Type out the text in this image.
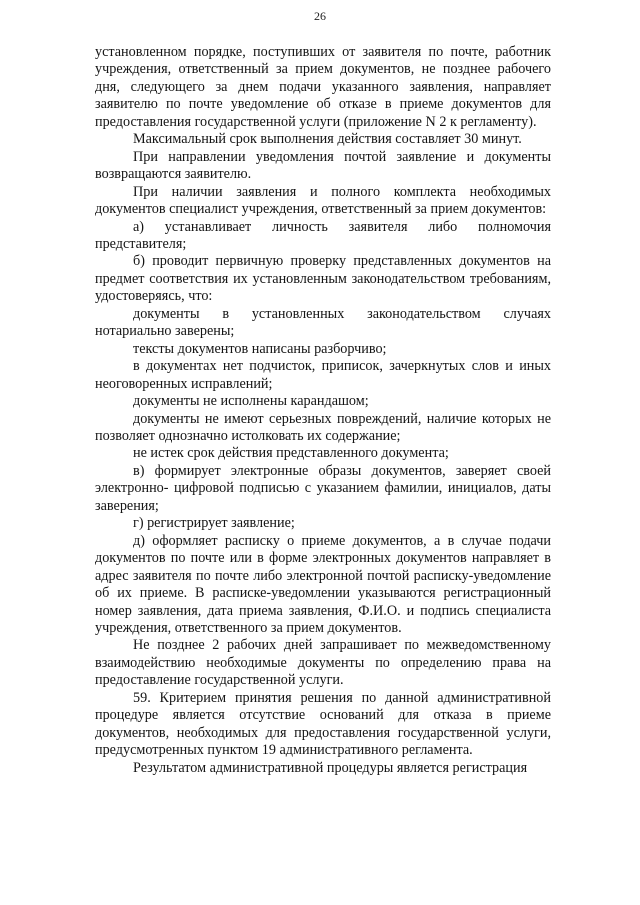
26

установленном порядке, поступивших от заявителя по почте, работник учреждения, ответственный за прием документов, не позднее рабочего дня, следующего за днем подачи указанного заявления, направляет заявителю по почте уведомление об отказе в приеме документов для предоставления государственной услуги (приложение N 2 к регламенту).

Максимальный срок выполнения действия составляет 30 минут.

При направлении уведомления почтой заявление и документы возвращаются заявителю.

При наличии заявления и полного комплекта необходимых документов специалист учреждения, ответственный за прием документов:

а) устанавливает личность заявителя либо полномочия представителя;

б) проводит первичную проверку представленных документов на предмет соответствия их установленным законодательством требованиям, удостоверяясь, что:

документы в установленных законодательством случаях нотариально заверены;

тексты документов написаны разборчиво;

в документах нет подчисток, приписок, зачеркнутых слов и иных неоговоренных исправлений;

документы не исполнены карандашом;

документы не имеют серьезных повреждений, наличие которых не позволяет однозначно истолковать их содержание;

не истек срок действия представленного документа;

в) формирует электронные образы документов, заверяет своей электронно- цифровой подписью с указанием фамилии, инициалов, даты заверения;

г) регистрирует заявление;

д) оформляет расписку о приеме документов, а в случае подачи документов по почте или в форме электронных документов направляет в адрес заявителя по почте либо электронной почтой расписку-уведомление об их приеме. В расписке-уведомлении указываются регистрационный номер заявления, дата приема заявления, Ф.И.О. и подпись специалиста учреждения, ответственного за прием документов.

Не позднее 2 рабочих дней запрашивает по межведомственному взаимодействию необходимые документы по определению права на предоставление государственной услуги.

59. Критерием принятия решения по данной административной процедуре является отсутствие оснований для отказа в приеме документов, необходимых для предоставления государственной услуги, предусмотренных пунктом 19 административного регламента.

Результатом административной процедуры является регистрация
